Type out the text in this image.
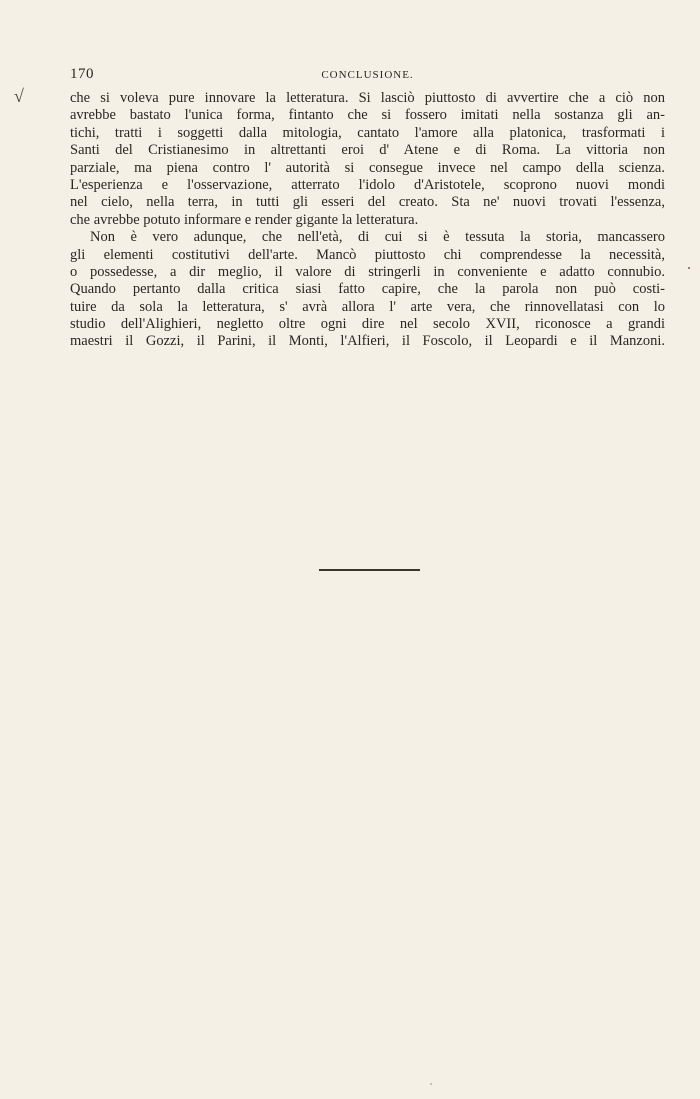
170	CONCLUSIONE.
√	che si voleva pure innovare la letteratura. Si lasciò piuttosto di avvertire che a ciò non
avrebbe bastato l'unica forma, fintanto che si fossero imitati nella sostanza gli an-
tichi, tratti i soggetti dalla mitologia, cantato l'amore alla platonica, trasformati i
Santi del Cristianesimo in altrettanti eroi d' Atene e di Roma. La vittoria non
parziale, ma piena contro l' autorità si consegue invece nel campo della scienza.
L'esperienza e l'osservazione, atterrato l'idolo d'Aristotele, scoprono nuovi mondi
nel cielo, nella terra, in tutti gli esseri del creato. Sta ne' nuovi trovati l'essenza,
che avrebbe potuto informare e render gigante la letteratura.
Non è vero adunque, che nell'età, di cui si è tessuta la storia, mancassero
gli elementi costitutivi dell'arte. Mancò piuttosto chi comprendesse la necessità,
o possedesse, a dir meglio, il valore di stringerli in conveniente e adatto connubio.
Quando pertanto dalla critica siasi fatto capire, che la parola non può costi-
tuire da sola la letteratura, s' avrà allora l' arte vera, che rinnovellatasi con lo
studio dell'Alighieri, negletto oltre ogni dire nel secolo XVII, riconosce a grandi
maestri il Gozzi, il Parini, il Monti, l'Alfieri, il Foscolo, il Leopardi e il Manzoni.
